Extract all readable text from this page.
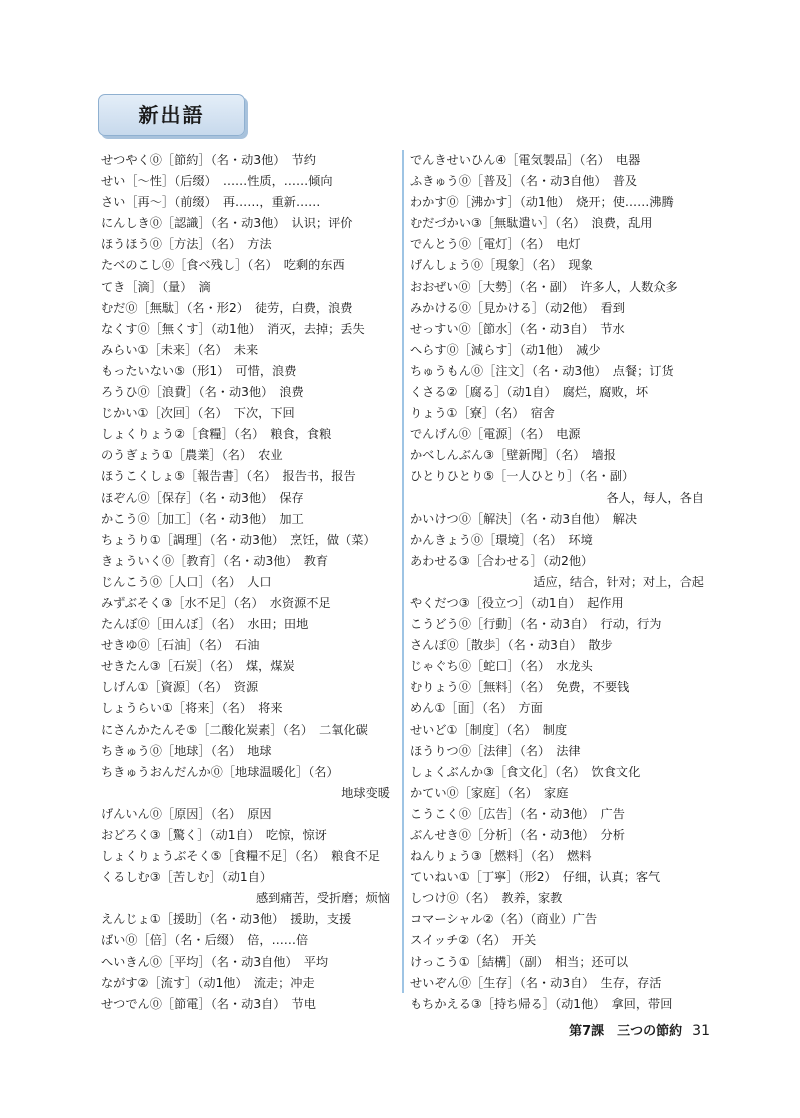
新出語
せつやく⓪［節約］（名・动3他）　节约
せい［～性］（后缀）　……性质，……倾向
さい［再～］（前缀）　再……，重新……
にんしき⓪［認識］（名・动3他）　认识；评价
ほうほう⓪［方法］（名）　方法
たべのこし⓪［食べ残し］（名）　吃剩的东西
てき［滴］（量）　滴
むだ⓪［無駄］（名・形2）　徒劳，白费，浪费
なくす⓪［無くす］（动1他）　消灭，去掉；丢失
みらい①［未来］（名）　未来
もったいない⑤（形1）　可惜，浪费
ろうひ⓪［浪費］（名・动3他）　浪费
じかい①［次回］（名）　下次，下回
しょくりょう②［食糧］（名）　粮食，食粮
のうぎょう①［農業］（名）　农业
ほうこくしょ⑤［報告書］（名）　报告书，报告
ほぞん⓪［保存］（名・动3他）　保存
かこう⓪［加工］（名・动3他）　加工
ちょうり①［調理］（名・动3他）　烹饪，做（菜）
きょういく⓪［教育］（名・动3他）　教育
じんこう⓪［人口］（名）　人口
みずぶそく③［水不足］（名）　水资源不足
たんぼ⓪［田んぼ］（名）　水田；田地
せきゆ⓪［石油］（名）　石油
せきたん③［石炭］（名）　煤，煤炭
しげん①［資源］（名）　资源
しょうらい①［将来］（名）　将来
にさんかたんそ⑤［二酸化炭素］（名）　二氧化碳
ちきゅう⓪［地球］（名）　地球
ちきゅうおんだんか⓪［地球温暖化］（名）
地球变暖
げんいん⓪［原因］（名）　原因
おどろく③［驚く］（动1自）　吃惊，惊讶
しょくりょうぶそく⑤［食糧不足］（名）　粮食不足
くるしむ③［苦しむ］（动1自）
感到痛苦，受折磨；烦恼
えんじょ①［援助］（名・动3他）　援助，支援
ばい⓪［倍］（名・后缀）　倍，……倍
へいきん⓪［平均］（名・动3自他）　平均
ながす②［流す］（动1他）　流走；冲走
せつでん⓪［節電］（名・动3自）　节电
でんきせいひん④［電気製品］（名）　电器
ふきゅう⓪［普及］（名・动3自他）　普及
わかす⓪［沸かす］（动1他）　烧开；使……沸腾
むだづかい③［無駄遣い］（名）　浪费，乱用
でんとう⓪［電灯］（名）　电灯
げんしょう⓪［現象］（名）　现象
おおぜい⓪［大勢］（名・副）　许多人，人数众多
みかける⓪［見かける］（动2他）　看到
せっすい⓪［節水］（名・动3自）　节水
へらす⓪［減らす］（动1他）　减少
ちゅうもん⓪［注文］（名・动3他）　点餐；订货
くさる②［腐る］（动1自）　腐烂，腐败，坏
りょう①［寮］（名）　宿舍
でんげん⓪［電源］（名）　电源
かべしんぶん③［壁新聞］（名）　墙报
ひとりひとり⑤［一人ひとり］（名・副）
各人，每人，各自
かいけつ⓪［解決］（名・动3自他）　解决
かんきょう⓪［環境］（名）　环境
あわせる③［合わせる］（动2他）
适应，结合，针对；对上，合起
やくだつ③［役立つ］（动1自）　起作用
こうどう⓪［行動］（名・动3自）　行动，行为
さんぽ⓪［散歩］（名・动3自）　散步
じゃぐち⓪［蛇口］（名）　水龙头
むりょう⓪［無料］（名）　免费，不要钱
めん①［面］（名）　方面
せいど①［制度］（名）　制度
ほうりつ⓪［法律］（名）　法律
しょくぶんか③［食文化］（名）　饮食文化
かてい⓪［家庭］（名）　家庭
こうこく⓪［広告］（名・动3他）　广告
ぶんせき⓪［分析］（名・动3他）　分析
ねんりょう③［燃料］（名）　燃料
ていねい①［丁寧］（形2）　仔细，认真；客气
しつけ⓪（名）　教养，家教
コマーシャル②（名）（商业）广告
スイッチ②（名）　开关
けっこう①［結構］（副）　相当；还可以
せいぞん⓪［生存］（名・动3自）　生存，存活
もちかえる③［持ち帰る］（动1他）　拿回，带回
第7課　三つの節約 31
